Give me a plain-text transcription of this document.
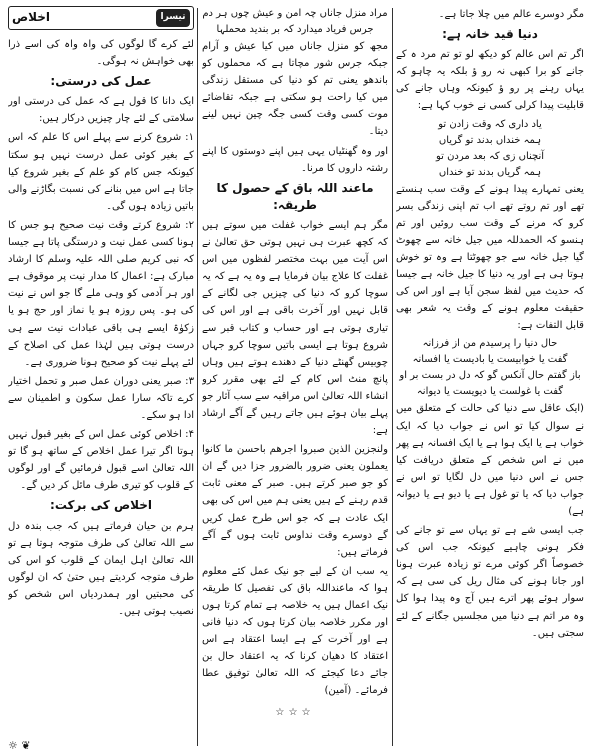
مگر دوسرے عالم میں چلا جاتا ہے۔

دنیا قید خانہ ہے:

اگر تم اس عالم کو دیکھ لو تو تم مرد ہ کے جانے کو برا کبھی نہ رو ؤ بلکہ یہ چاہو کہ یہاں رہنے پر رو ؤ کیونکہ وہاں جانے کی قابلیت پیدا کرلی کسی نے خوب کہا ہے:

یاد داری کہ وقت زادن تو

ہمہ خنداں بدند تو گریاں

آنچناں زی کہ بعد مردن تو

ہمہ گریاں بدند تو خنداں

یعنی تمہارے پیدا ہونے کے وقت سب ہنستے تھے اور تم روتے تھے اب تم اپنی زندگی بسر کرو کہ مرنے کے وقت سب روئیں اور تم ہنسو کہ الحمدللہ میں جیل خانہ سے چھوٹ گیا جیل خانہ سے جو چھوٹتا ہے وہ تو خوش ہوتا ہی ہے اور یہ دنیا کا جیل خانہ ہے جیسا کہ حدیث میں لفظ سجن آیا ہے اور اس کی حقیقت معلوم ہونے کے وقت یہ شعر بھی قابل التفات ہے:

حال دنیا را پرسیدم من از فرزانہ

گفت یا خوابیست یا بادیست یا افسانہ

باز گفتم حال آنکس گو کہ دل در بست بر او

گفت یا غولست یا دیویست یا دیوانہ

(ایک عاقل سے دنیا کی حالت کے متعلق میں نے سوال کیا تو اس نے جواب دیا کہ ایک خواب ہے یا ایک ہوا ہے یا ایک افسانہ ہے پھر میں نے اس شخص کے متعلق دریافت کیا جس نے اس دنیا میں دل لگایا تو اس نے جواب دیا کہ یا تو غول ہے یا دیو ہے یا دیوانہ ہے)

جب ایسی شے ہے تو یہاں سے تو جانے کی فکر ہونی چاہیے کیونکہ جب اس کی خصوصاً اگر کوئی مرے تو زیادہ عبرت ہونا اور جانا ہونے کی مثال ریل کی سی ہے کہ سوار ہوئے پھر اترے ہیں آج وہ پیدا ہوا کل وہ مر اتم ہے دنیا میں مجلسیں جگانے کے لئے سجتی ہیں۔

مراد منزل جاناں چہ امن و عیش چوں ہر دم

جرس فریاد میدارد کہ بر بندید محملہا

مجھ کو منزل جاناں میں کیا عیش و آرام جبکہ جرس شور مچاتا ہے کہ محملوں کو باندھو یعنی تم کو دنیا کی مستقل زندگی میں کیا راحت ہو سکتی ہے جبکہ تقاضائے موت کسی وقت کسی جگہ چین نہیں لینے دیتا۔

اور وہ گھنٹیاں یہی ہیں اپنے دوستوں کا اپنے رشتہ داروں کا مرنا۔

ماعند اللہ باق کے حصول کا طریقہ:

مگر ہم ایسے خواب غفلت میں سوتے ہیں کہ کچھ عبرت ہی نہیں ہوتی حق تعالیٰ نے اس آیت میں بہت مختصر لفظوں میں اس غفلت کا علاج بیان فرمایا ہے وہ یہ ہے کہ یہ سوچا کرو کہ دنیا کی چیزیں جی لگانے کے قابل نہیں اور آخرت باقی ہے اور اس کی تیاری ہوتی ہے اور حساب و کتاب قبر سے شروع ہوتا ہے ایسی باتیں سوچا کرو جہاں چوبیس گھنٹے دنیا کے دھندے ہوتے ہیں وہاں پانچ منٹ اس کام کے لئے بھی مقرر کرو انشاء اللہ تعالیٰ اس مراقبہ سے سب آثار جو پہلے بیان ہوئے ہیں جاتے رہیں گے آگے ارشاد ہے:

ولنجزین الذین صبروا اجرھم باحسن ما کانوا یعملون یعنی ضرور بالضرور جزا دیں گے ان کو جو صبر کرتے ہیں۔ صبر کے معنی ثابت قدم رہنے کے ہیں یعنی ہم میں اس کی بھی ایک عادت ہے کہ جو اس طرح عمل کریں گے دوسرے وقت نداوس ثابت ہوں گے آگے فرماتے ہیں:

یہ سب ان کے لیے جو نیک عمل کئے معلوم ہوا کہ ماعنداللہ باق کی تفصیل کا طریقہ نیک اعمال ہیں یہ خلاصہ ہے تمام کرتا ہوں اور مکرر خلاصہ بیان کرتا ہوں کہ دنیا فانی ہے اور آخرت کے ہے ایسا اعتقاد ہے اس اعتقاد کا دھیان کرنا کہ یہ اعتقاد حال بن جائے دعا کیجئے کہ اللہ تعالیٰ توفیق عطا فرمائے۔ (آمین)

☆☆☆
اخلاص	تیسرا

لئے کرے گا لوگوں کی واہ واہ کی اسے ذرا بھی خواہش نہ ہوگی۔

عمل کی درستی:

ایک دانا کا قول ہے کہ عمل کی درستی اور سلامتی کے لئے چار چیزیں درکار ہیں:

۱: شروع کرنے سے پہلے اس کا علم کہ اس کے بغیر کوئی عمل درست نہیں ہو سکتا کیونکہ جس کام کو علم کے بغیر شروع کیا جاتا ہے اس میں بنانے کی نسبت بگاڑنے والی باتیں زیادہ ہوں گی۔

۲: شروع کرتے وقت نیت صحیح ہو جس کا ہونا کسی عمل نیت و درستگی پاتا ہے جیسا کہ نبی کریم صلی اللہ علیہ وسلم کا ارشاد مبارک ہے: اعمال کا مدار نیت پر موقوف ہے اور ہر آدمی کو وہی ملے گا جو اس نے نیت کی ہو۔ پس روزہ ہو یا نماز اور حج ہو یا زکوٰۃ ایسے ہی باقی عبادات نیت سے ہی درست ہوتی ہیں لہٰذا عمل کی اصلاح کے لئے پہلے نیت کو صحیح ہونا ضروری ہے۔

۳: صبر یعنی دوران عمل صبر و تحمل اختیار کرے تاکہ سارا عمل سکون و اطمینان سے ادا ہو سکے۔

۴: اخلاص کوئی عمل اس کے بغیر قبول نہیں ہوتا اگر تیرا عمل اخلاص کے ساتھ ہو گا تو اللہ تعالیٰ اسے قبول فرمائیں گے اور لوگوں کے قلوب کو تیری طرف مائل کر دیں گے۔

اخلاص کی برکت:

ہرم بن حیان فرماتے ہیں کہ جب بندہ دل سے اللہ تعالیٰ کی طرف متوجہ ہوتا ہے تو اللہ تعالیٰ اہل ایمان کے قلوب کو اس کی طرف متوجہ کردیتے ہیں حتیٰ کہ ان لوگوں کی محبتیں اور ہمدردیاں اس شخص کو نصیب ہوتی ہیں۔

☼ ❦
